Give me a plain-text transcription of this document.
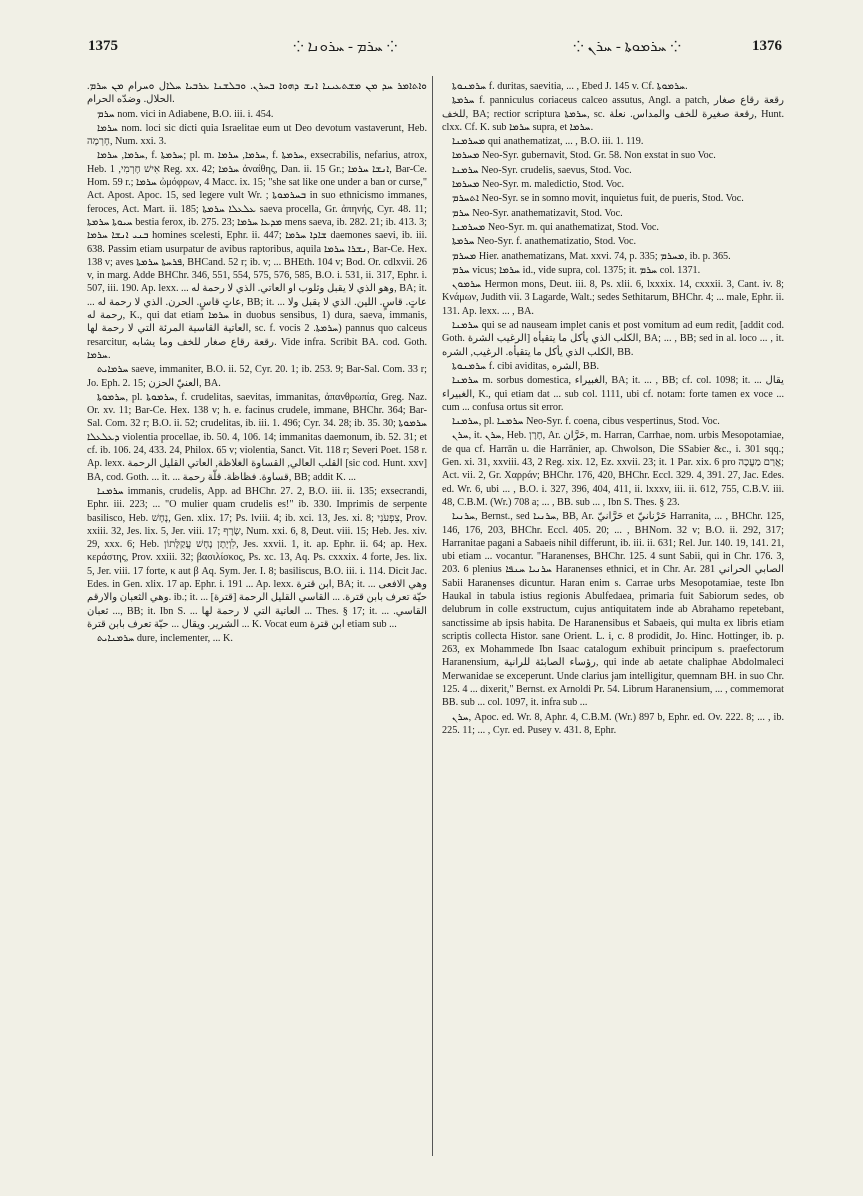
1375	⁘ ܚܪܡ - ܚܪܘܢܐ ⁘	⁘ ܚܪܡܘܬܐ - ܚܪܢ ⁘	1376

ܘܐܬܐܡܪ ܚܕ ܡܢ ܡܫܬܥܝܢܐ ܐܢܫ ܕܗܘܐ ܒܚܪܢ. ܘܒܠܫܢܐ ܥܪܒܝܐ ܚܠܐل ܘܚرام ܡܢ ܚܪܡ. الحلال. وضدّه الحرام.

ܚܪܡ nom. vici in Adiabene, B.O. iii. i. 454.

ܚܪܡܐ nom. loci sic dicti quia Israelitae eum ut Deo devotum vastaverunt, Heb. חָרְמָה, Num. xxi. 3.

ܚܪܡܐ, ܚܪܡܐ, f. ܚܪܡܬܐ; pl. m. ܚܪܡܐ, ܚܪܡܐ, f. ܚܪܡܬܐ, exsecrabilis, nefarius, atrox, Heb. אִישׁ חֶרְמִי, 1 Reg. xx. 42; ܚܪܡܐ ἀναίθης, Dan. ii. 15 Gr.; ܐܢܫܐ ܚܪܡܐ, Bar-Ce. Hom. 59 r.; ܚܪܡܐ ὠμόφρων, 4 Macc. ix. 15; "she sat like one under a ban or curse," Act. Apost. Apoc. 15, sed legere vult Wr. ; ܒܚܪܡܘܬܐ in suo ethnicismo immanes, feroces, Act. Mart. ii. 185; ܥܠܥܠܐ ܚܪܡܬܐ saeva procella, Gr. ἀπηνής, Cyr. 48. 11; ܚܝܘܬܐ ܚܪܡܬܐ bestia ferox, ib. 275. 23; ܡܕܥܐ ܚܪܡܐ mens saeva, ib. 282. 21; ib. 413. 3; ܒܢܝ ܐܢܫܐ ܚܪܡܐ homines scelesti, Ephr. ii. 447; ܫܐܕܐ ܚܪܡܐ daemones saevi, ib. iii. 638. Passim etiam usurpatur de avibus raptoribus, aquila ܢܫܪܐ ܚܪܡܐ, Bar-Ce. Hex. 138 v; aves ܦܪܚܬܐ ܚܪܡܬܐ, BHCand. 52 r; ib. v; ... BHEth. 104 v; Bod. Or. cdlxvii. 26 v, in marg. Adde BHChr. 346, 551, 554, 575, 576, 585, B.O. i. 531, ii. 317, Ephr. i. 507, iii. 190. Ap. lexx. ... وهو الذي لا يقبل وثلوب او العاتي. الذي لا رحمة له, BA; it. ... عاتٍ قاسٍ. الحرن. الذي لا رحمة له, BB; it. ... عاتٍ. قاسٍ. اللين. الذي لا يقبل ولا رحمة له, K., qui dat etiam ܚܪܡܐ in duobus sensibus, 1) dura, saeva, immanis, العاتية القاسية المرئة التي لا رحمة لها, sc. f. vocis ܚܪܡܬܐ. 2) pannus quo calceus resarcitur, رقعة رقاع صغار للخف وما يشابه. Vide infra. Scribit BA. cod. Goth. ܚܪܡܐ.

ܚܪܡܐܝܬ saeve, immaniter, B.O. ii. 52, Cyr. 20. 1; ib. 253. 9; Bar-Sal. Com. 33 r; Jo. Eph. 2. 15; العنيّ الحزن, BA.

ܚܪܡܘܬܐ, pl. ܚܪܡܘܬܐ, f. crudelitas, saevitas, immanitas, ἀπανθρωπία, Greg. Naz. Or. xv. 11; Bar-Ce. Hex. 138 v; h. e. facinus crudele, immane, BHChr. 364; Bar-Sal. Com. 32 r; B.O. ii. 52; crudelitas, ib. iii. 1. 496; Cyr. 34. 28; ib. 35. 30; ܚܪܡܘܬܐ ܕܥܠܥܠܐ violentia procellae, ib. 50. 4, 106. 14; immanitas daemonum, ib. 52. 31; et cf. ib. 106. 24, 433. 24, Philox. 65 v; violentia, Sanct. Vit. 118 r; Severi Poet. 158 r. Ap. lexx. القلب العالي, القساوة الغلاظة, العاتي القليل الرحمة [sic cod. Hunt. xxv] BA, cod. Goth. ... it. ... قساوة. فظاظة. قلّة رحمة, BB; addit K. ...

ܚܪܡܢܐ immanis, crudelis, App. ad BHChr. 27. 2, B.O. iii. ii. 135; exsecrandi, Ephr. iii. 223; ... "O mulier quam crudelis es!" ib. 330. Imprimis de serpente basilisco, Heb. נָחָשׁ, Gen. xlix. 17; Ps. lviii. 4; ib. xci. 13, Jes. xi. 8; צִפְעֹנִי, Prov. xxiii. 32, Jes. lix. 5, Jer. viii. 17; שָׂרָף, Num. xxi. 6, 8, Deut. viii. 15; Heb. Jes. xiv. 29, xxx. 6; Heb. לִוְיָתָן נָחָשׁ עֲקַלָּתוֹן, Jes. xxvii. 1, it. ap. Ephr. ii. 64; ap. Hex. κεράστης, Prov. xxiii. 32; βασιλίσκος, Ps. xc. 13, Aq. Ps. cxxxix. 4 forte, Jes. lix. 5, Jer. viii. 17 forte, κ aut β Aq. Sym. Jer. I. 8; basiliscus, B.O. iii. i. 114. Dicit Jac. Edes. in Gen. xlix. 17 ap. Ephr. i. 191 ... Ap. lexx. ابن قترة, BA; it. ... وهي الافعى وهي الثعبان والارقم. ib.; it. ... [قترة] حيّة تعرف بابن قترة. ... القاسي القليل الرحمة ... ثعبان, BB; it. Ibn S. ... العاتية التي لا رحمة لها ... Thes. § 17; it. ... القاسي. الشرير. ويقال ... حيّة تعرف بابن قترة ... K. Vocat eum ابن قترة etiam sub ...

ܚܪܡܢܐܝܬ dure, inclementer, ... K.

ܚܪܡܢܘܬܐ f. duritas, saevitia, ... , Ebed J. 145 v. Cf. ܚܪܡܘܬܐ.

ܚܪܡܬܐ f. panniculus coriaceus calceo assutus, Angl. a patch, رقعة رقاع صغار للخف, BA; rectior scriptura ܚܪܡܬܐ, sc. رقعة صغيرة للخف والمداس. نعلة, Hunt. clxx. Cf. K. sub ܚܪܡܐ supra, et ܚܪܡܐ.

ܡܚܪܡܢܐ qui anathematizat, ... , B.O. iii. 1. 119.

ܡܚܪܡܐ Neo-Syr. gubernavit, Stod. Gr. 58. Non exstat in suo Voc.

ܚܪܡܢܐ Neo-Syr. crudelis, saevus, Stod. Voc.

ܡܚܪܡܐ Neo-Syr. m. maledictio, Stod. Voc.

ܐܬܚܪܡ Neo-Syr. se in somno movit, inquietus fuit, de pueris, Stod. Voc.

ܚܪܡ Neo-Syr. anathematizavit, Stod. Voc.

ܡܚܪܡܢܐ Neo-Syr. m. qui anathematizat, Stod. Voc.

ܚܪܡܬܐ Neo-Syr. f. anathematizatio, Stod. Voc.

ܡܚܪܡ Hier. anathematizans, Mat. xxvi. 74, p. 335; ܡܚܪܡ, ib. p. 365.

ܚܪܡ vicus; ܚܪܡܐ id., vide supra, col. 1375; it. ܚܪܡ col. 1371.

ܚܪܡܘܢ Hermon mons, Deut. iii. 8, Ps. xlii. 6, lxxxix. 14, cxxxii. 3, Cant. iv. 8; Κνάμων, Judith vii. 3 Lagarde, Walt.; sedes Sethitarum, BHChr. 4; ... male, Ephr. ii. 131. Ap. lexx. ... , BA.

ܚܪܡܢܐ qui se ad nauseam implet canis et post vomitum ad eum redit, [addit cod. Goth. الرغيب الشرة] الكلب الذي يأكل ما يتقيأه, BA; ... , BB; sed in al. loco ... , it. الكلب الذي يأكل ما يتقيأه. الرغيب, الشره, BB.

ܚܪܡܢܘܬܐ f. cibi aviditas, الشره, BB.

ܚܪܡܢܐ m. sorbus domestica, الغبيراء, BA; it. ... , BB; cf. col. 1098; it. ... يقال الغبيراء, K., qui etiam dat ... sub col. 1111, ubi cf. notam: forte tamen ex voce ... cum ... confusa ortus sit error.

ܚܪܡܢܐ, pl. ܚܪܡܢܐ Neo-Syr. f. coena, cibus vespertinus, Stod. Voc.

ܚܪܢ, it. ܚܪܢ, Heb. חָרָן, Ar. حَرَّان, m. Harran, Carrhae, nom. urbis Mesopotamiae, de qua cf. Harrān u. die Harrānier, ap. Chwolson, Die SSabier &c., i. 301 sqq.; Gen. xi. 31, xxviii. 43, 2 Reg. xix. 12, Ez. xxvii. 23; it. 1 Par. xix. 6 pro אֲרַם מַעֲכָה; Act. vii. 2, Gr. Χαρράν; BHChr. 176, 420, BHChr. Eccl. 329. 4, 391. 27, Jac. Edes. ed. Wr. 6, ubi ... , B.O. i. 327, 396, 404, 411, ii. lxxxv, iii. ii. 612, 755, C.B.V. iii. 48, C.B.M. (Wr.) 708 a; ... , BB. sub ... , Ibn S. Thes. § 23.

ܚܪܢܝܐ, Bernst., sed ܚܪܢܝܐ, BB, Ar. حَرَّانيّ et حَرْنانيّ Harranita, ... , BHChr. 125, 146, 176, 203, BHChr. Eccl. 405. 20; ... , BHNom. 32 v; B.O. ii. 292, 317; Harranitae pagani a Sabaeis nihil differunt, ib. iii. ii. 631; Rel. Jur. 140. 19, 141. 21, ubi etiam ... vocantur. "Haranenses, BHChr. 125. 4 sunt Sabii, qui in Chr. 176. 3, 203. 6 plenius ܚܪܢܝܐ ܚܢܦܐ Haranenses ethnici, et in Chr. Ar. 281 الصابي الحراني Sabii Haranenses dicuntur. Haran enim s. Carrae urbs Mesopotamiae, teste Ibn Haukal in tabula istius regionis Abulfedaea, primaria fuit Sabiorum sedes, ob delubrum in colle exstructum, cujus antiquitatem inde ab Abrahamo repetebant, sanctissime ab ipsis habita. De Haranensibus et Sabaeis, qui multa ex libris etiam scriptis collecta Histor. sane Orient. L. i, c. 8 prodidit, Jo. Hinc. Hottinger, ib. p. 263, ex Mohammede Ibn Isaac catalogum exhibuit principum s. praefectorum Haranensium, رؤساء الصابئة للرانية, qui inde ab aetate chaliphae Abdolmaleci Merwanidae se exceperunt. Unde clarius jam intelligitur, quemnam BH. in suo Chr. 125. 4 ... dixerit," Bernst. ex Arnoldi Pr. 54. Librum Haranensium, ... , commemorat BB. sub ... col. 1097, it. infra sub ...

ܚܪܢ, Apoc. ed. Wr. 8, Aphr. 4, C.B.M. (Wr.) 897 b, Ephr. ed. Ov. 222. 8; ... , ib. 225. 11; ... , Cyr. ed. Pusey v. 431. 8, Ephr.
